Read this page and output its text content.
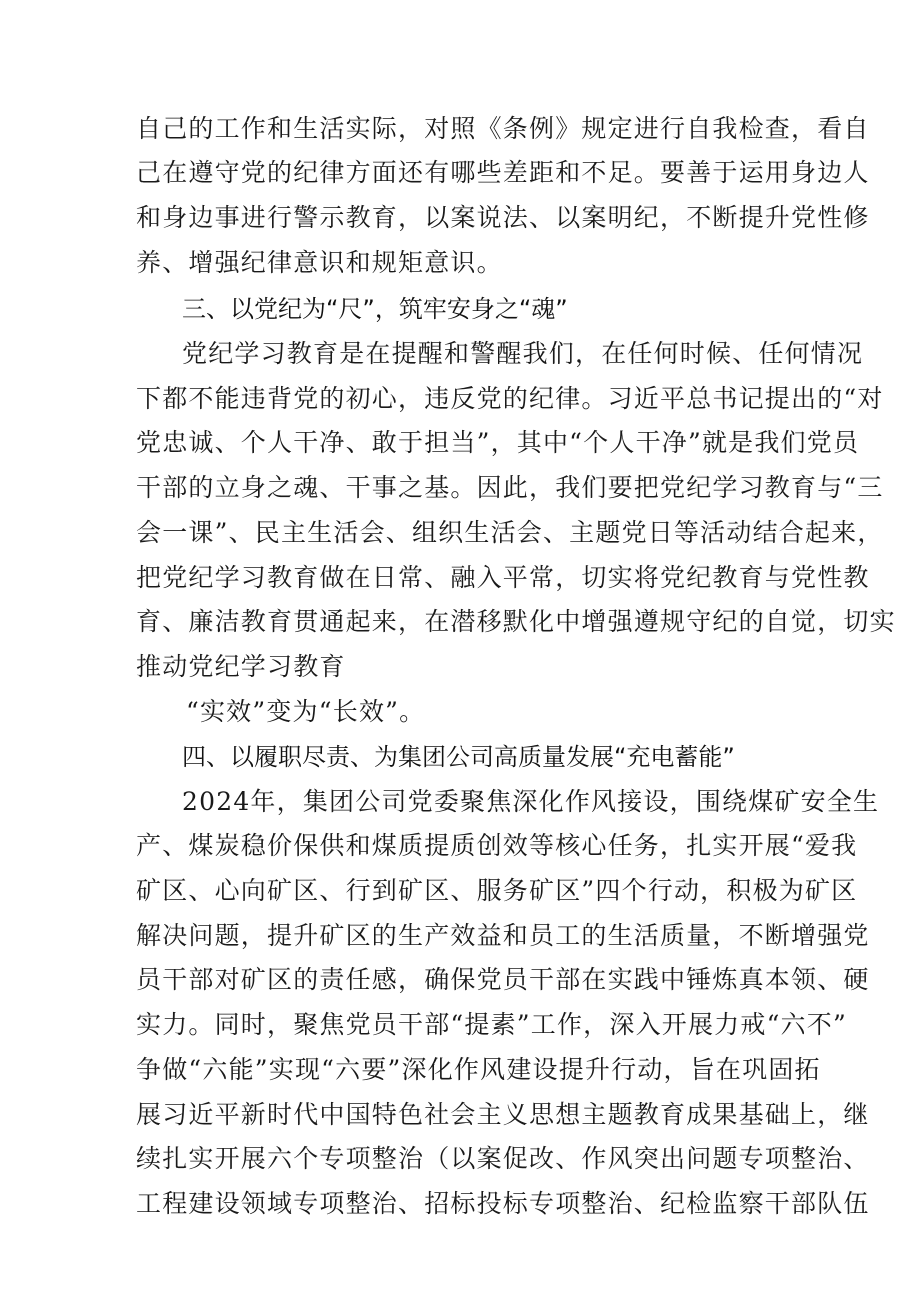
自己的工作和生活实际，对照《条例》规定进行自我检查，看自
己在遵守党的纪律方面还有哪些差距和不足。要善于运用身边人
和身边事进行警示教育，以案说法、以案明纪，不断提升党性修
养、增强纪律意识和规矩意识。
三、以党纪为“尺”，筑牢安身之“魂”
党纪学习教育是在提醒和警醒我们，在任何时候、任何情况
下都不能违背党的初心，违反党的纪律。习近平总书记提出的“对
党忠诚、个人干净、敢于担当”，其中“个人干净”就是我们党员
干部的立身之魂、干事之基。因此，我们要把党纪学习教育与“三
会一课”、民主生活会、组织生活会、主题党日等活动结合起来，
把党纪学习教育做在日常、融入平常，切实将党纪教育与党性教
育、廉洁教育贯通起来，在潜移默化中增强遵规守纪的自觉，切实
推动党纪学习教育
“实效”变为“长效”。
四、以履职尽责、为集团公司高质量发展“充电蓄能”
2024年，集团公司党委聚焦深化作风接设，围绕煤矿安全生
产、煤炭稳价保供和煤质提质创效等核心任务，扎实开展“爱我
矿区、心向矿区、行到矿区、服务矿区”四个行动，积极为矿区
解决问题，提升矿区的生产效益和员工的生活质量，不断增强党
员干部对矿区的责任感，确保党员干部在实践中锤炼真本领、硬
实力。同时，聚焦党员干部“提素”工作，深入开展力戒“六不”
争做“六能”实现“六要”深化作风建设提升行动，旨在巩固拓
展习近平新时代中国特色社会主义思想主题教育成果基础上，继
续扎实开展六个专项整治（以案促改、作风突出问题专项整治、
工程建设领域专项整治、招标投标专项整治、纪检监察干部队伍
